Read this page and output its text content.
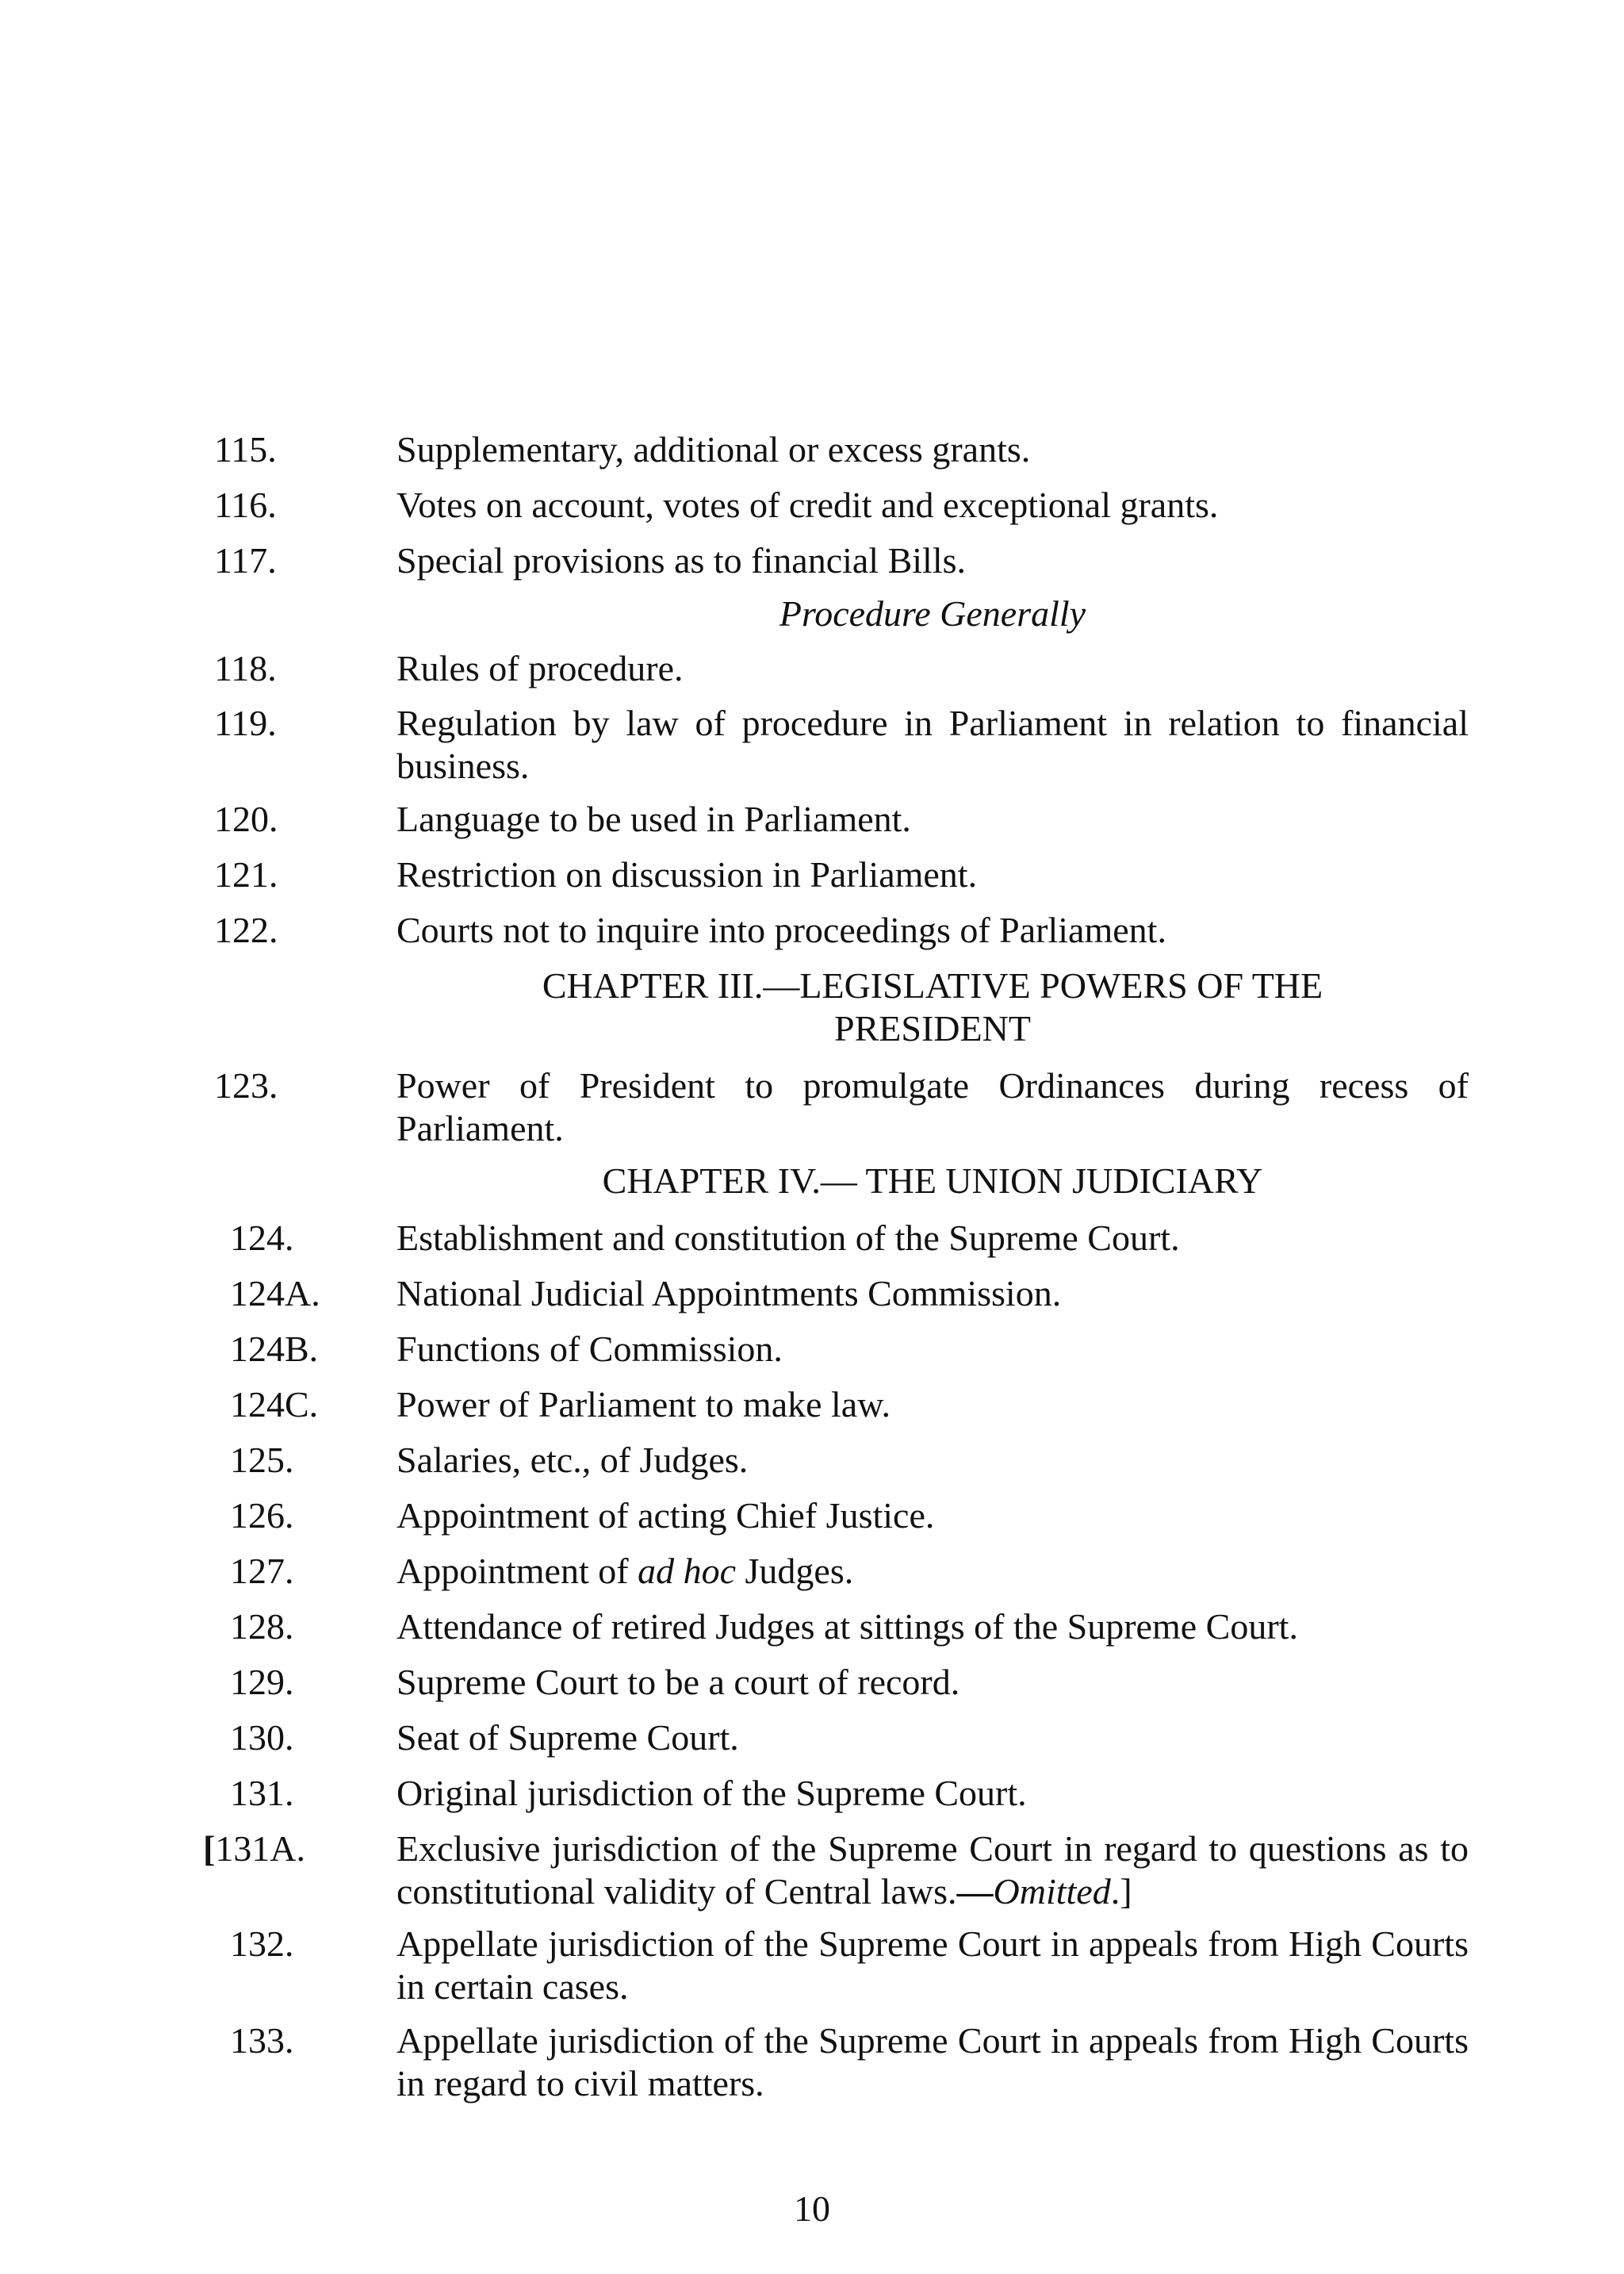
115.	Supplementary, additional or excess grants.
116.	Votes on account, votes of credit and exceptional grants.
117.	Special provisions as to financial Bills.
Procedure Generally
118.	Rules of procedure.
119.	Regulation by law of procedure in Parliament in relation to financial business.
120.	Language to be used in Parliament.
121.	Restriction on discussion in Parliament.
122.	Courts not to inquire into proceedings of Parliament.
CHAPTER III.—LEGISLATIVE POWERS OF THE
PRESIDENT
123.	Power of President to promulgate Ordinances during recess of Parliament.
CHAPTER IV.— THE UNION JUDICIARY
124.	Establishment and constitution of the Supreme Court.
124A.	National Judicial Appointments Commission.
124B.	Functions of Commission.
124C.	Power of Parliament to make law.
125.	Salaries, etc., of Judges.
126.	Appointment of acting Chief Justice.
127.	Appointment of ad hoc Judges.
128.	Attendance of retired Judges at sittings of the Supreme Court.
129.	Supreme Court to be a court of record.
130.	Seat of Supreme Court.
131.	Original jurisdiction of the Supreme Court.
[131A.	Exclusive jurisdiction of the Supreme Court in regard to questions as to constitutional validity of Central laws.—Omitted.]
132.	Appellate jurisdiction of the Supreme Court in appeals from High Courts in certain cases.
133.	Appellate jurisdiction of the Supreme Court in appeals from High Courts in regard to civil matters.
10
